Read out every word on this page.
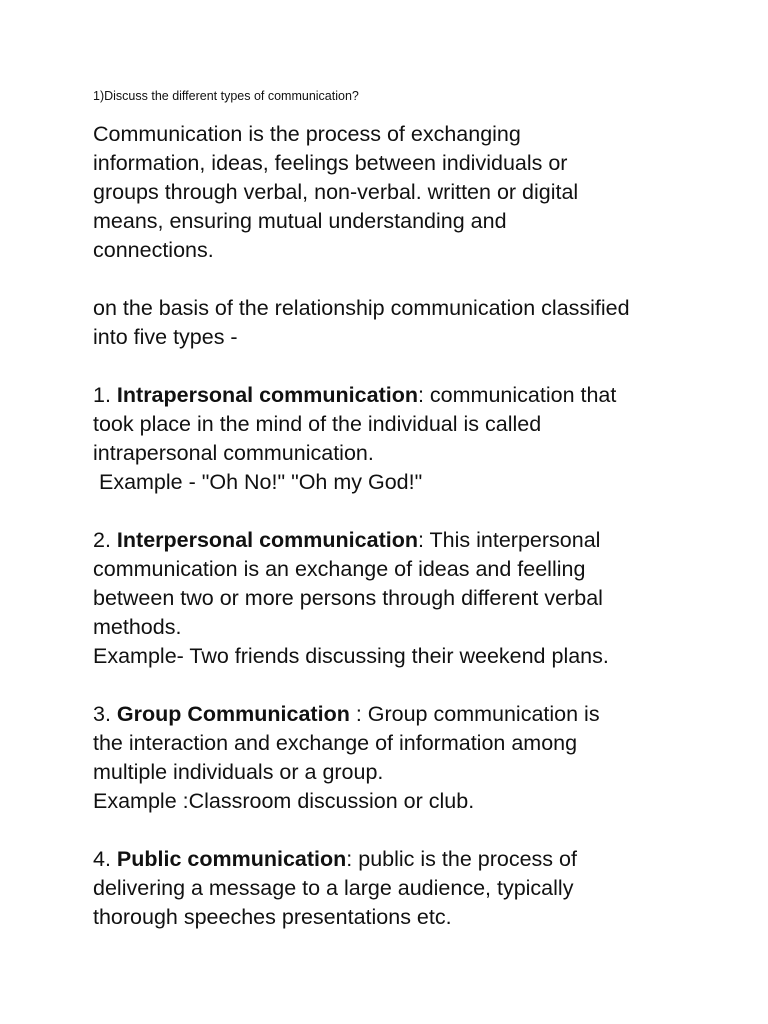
1)Discuss the different types of communication?

Communication is the process of exchanging
information, ideas, feelings between individuals or
groups through verbal, non-verbal. written or digital
means, ensuring mutual understanding and
connections.

on the basis of the relationship communication classified
into five types -

1. Intrapersonal communication: communication that
took place in the mind of the individual is called
intrapersonal communication.
Example - "Oh No!" "Oh my God!"

2. Interpersonal communication: This interpersonal
communication is an exchange of ideas and feelling
between two or more persons through different verbal
methods.
Example- Two friends discussing their weekend plans.

3. Group Communication : Group communication is
the interaction and exchange of information among
multiple individuals or a group.
Example :Classroom discussion or club.

4. Public communication: public is the process of
delivering a message to a large audience, typically
thorough speeches presentations etc.
